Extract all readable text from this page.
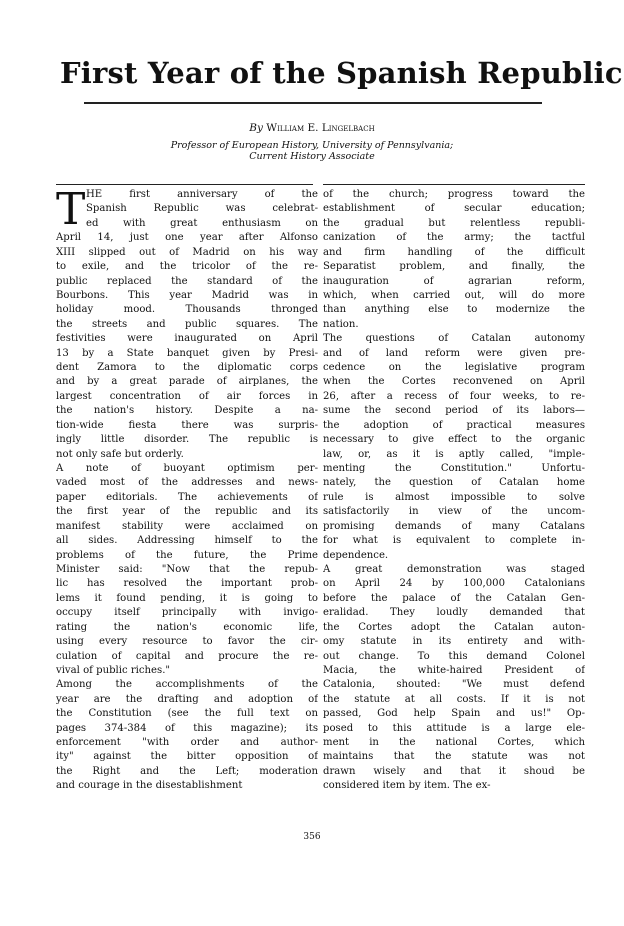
First Year of the Spanish Republic
By William E. Lingelbach
Professor of European History, University of Pennsylvania;
Current History Associate
T HE first anniversary of the
Spanish Republic was celebrat-
ed with great enthusiasm on
April 14, just one year after Alfonso
XIII slipped out of Madrid on his way
to exile, and the tricolor of the re-
public replaced the standard of the
Bourbons. This year Madrid was in
holiday mood. Thousands thronged
the streets and public squares. The
festivities were inaugurated on April
13 by a State banquet given by Presi-
dent Zamora to the diplomatic corps
and by a great parade of airplanes, the
largest concentration of air forces in
the nation's history. Despite a na-
tion-wide fiesta there was surpris-
ingly little disorder. The republic is
not only safe but orderly.
A note of buoyant optimism per-
vaded most of the addresses and news-
paper editorials. The achievements of
the first year of the republic and its
manifest stability were acclaimed on
all sides. Addressing himself to the
problems of the future, the Prime
Minister said: "Now that the repub-
lic has resolved the important prob-
lems it found pending, it is going to
occupy itself principally with invigo-
rating the nation's economic life,
using every resource to favor the cir-
culation of capital and procure the re-
vival of public riches."
Among the accomplishments of the
year are the drafting and adoption of
the Constitution (see the full text on
pages 374-384 of this magazine); its
enforcement "with order and author-
ity" against the bitter opposition of
the Right and the Left; moderation
and courage in the disestablishment
of the church; progress toward the
establishment of secular education;
the gradual but relentless republi-
canization of the army; the tactful
and firm handling of the difficult
Separatist problem, and finally, the
inauguration of agrarian reform,
which, when carried out, will do more
than anything else to modernize the
nation.
The questions of Catalan autonomy
and of land reform were given pre-
cedence on the legislative program
when the Cortes reconvened on April
26, after a recess of four weeks, to re-
sume the second period of its labors—
the adoption of practical measures
necessary to give effect to the organic
law, or, as it is aptly called, "imple-
menting the Constitution." Unfortu-
nately, the question of Catalan home
rule is almost impossible to solve
satisfactorily in view of the uncom-
promising demands of many Catalans
for what is equivalent to complete in-
dependence.
A great demonstration was staged
on April 24 by 100,000 Catalonians
before the palace of the Catalan Gen-
eralidad. They loudly demanded that
the Cortes adopt the Catalan auton-
omy statute in its entirety and with-
out change. To this demand Colonel
Macia, the white-haired President of
Catalonia, shouted: "We must defend
the statute at all costs. If it is not
passed, God help Spain and us!" Op-
posed to this attitude is a large ele-
ment in the national Cortes, which
maintains that the statute was not
drawn wisely and that it shoud be
considered item by item. The ex-
356
